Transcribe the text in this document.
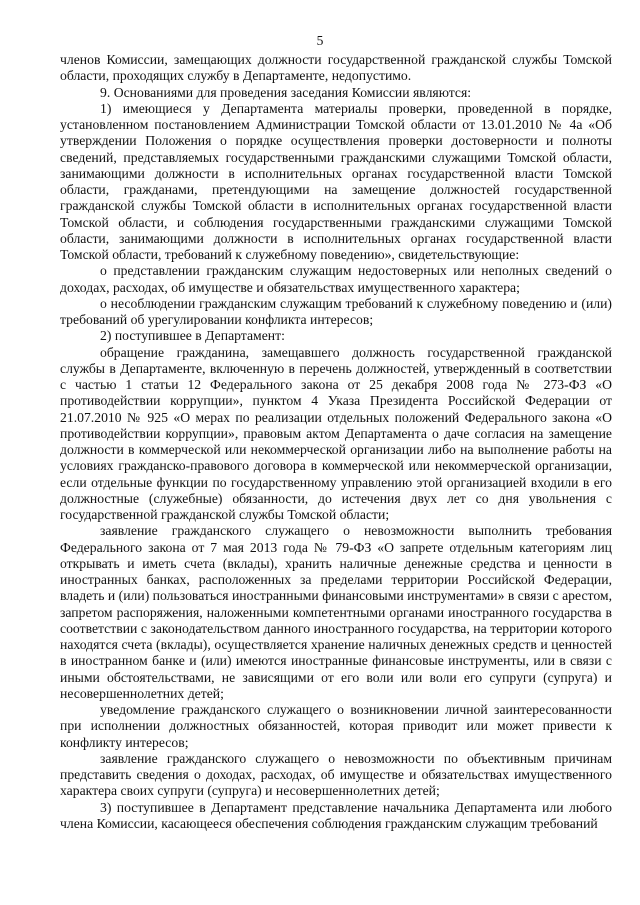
5

членов Комиссии, замещающих должности государственной гражданской службы Томской области, проходящих службу в Департаменте, недопустимо.

9. Основаниями для проведения заседания Комиссии являются:

1) имеющиеся у Департамента материалы проверки, проведенной в порядке, установленном постановлением Администрации Томской области от 13.01.2010 № 4а «Об утверждении Положения о порядке осуществления проверки достоверности и полноты сведений, представляемых государственными гражданскими служащими Томской области, занимающими должности в исполнительных органах государственной власти Томской области, гражданами, претендующими на замещение должностей государственной гражданской службы Томской области в исполнительных органах государственной власти Томской области, и соблюдения государственными гражданскими служащими Томской области, занимающими должности в исполнительных органах государственной власти Томской области, требований к служебному поведению», свидетельствующие:

о представлении гражданским служащим недостоверных или неполных сведений о доходах, расходах, об имуществе и обязательствах имущественного характера;

о несоблюдении гражданским служащим требований к служебному поведению и (или) требований об урегулировании конфликта интересов;

2) поступившее в Департамент:

обращение гражданина, замещавшего должность государственной гражданской службы в Департаменте, включенную в перечень должностей, утвержденный в соответствии с частью 1 статьи 12 Федерального закона от 25 декабря 2008 года № 273-ФЗ «О противодействии коррупции», пунктом 4 Указа Президента Российской Федерации от 21.07.2010 № 925 «О мерах по реализации отдельных положений Федерального закона «О противодействии коррупции», правовым актом Департамента о даче согласия на замещение должности в коммерческой или некоммерческой организации либо на выполнение работы на условиях гражданско-правового договора в коммерческой или некоммерческой организации, если отдельные функции по государственному управлению этой организацией входили в его должностные (служебные) обязанности, до истечения двух лет со дня увольнения с государственной гражданской службы Томской области;

заявление гражданского служащего о невозможности выполнить требования Федерального закона от 7 мая 2013 года № 79-ФЗ «О запрете отдельным категориям лиц открывать и иметь счета (вклады), хранить наличные денежные средства и ценности в иностранных банках, расположенных за пределами территории Российской Федерации, владеть и (или) пользоваться иностранными финансовыми инструментами» в связи с арестом, запретом распоряжения, наложенными компетентными органами иностранного государства в соответствии с законодательством данного иностранного государства, на территории которого находятся счета (вклады), осуществляется хранение наличных денежных средств и ценностей в иностранном банке и (или) имеются иностранные финансовые инструменты, или в связи с иными обстоятельствами, не зависящими от его воли или воли его супруги (супруга) и несовершеннолетних детей;

уведомление гражданского служащего о возникновении личной заинтересованности при исполнении должностных обязанностей, которая приводит или может привести к конфликту интересов;

заявление гражданского служащего о невозможности по объективным причинам представить сведения о доходах, расходах, об имуществе и обязательствах имущественного характера своих супруги (супруга) и несовершеннолетних детей;

3) поступившее в Департамент представление начальника Департамента или любого члена Комиссии, касающееся обеспечения соблюдения гражданским служащим требований
